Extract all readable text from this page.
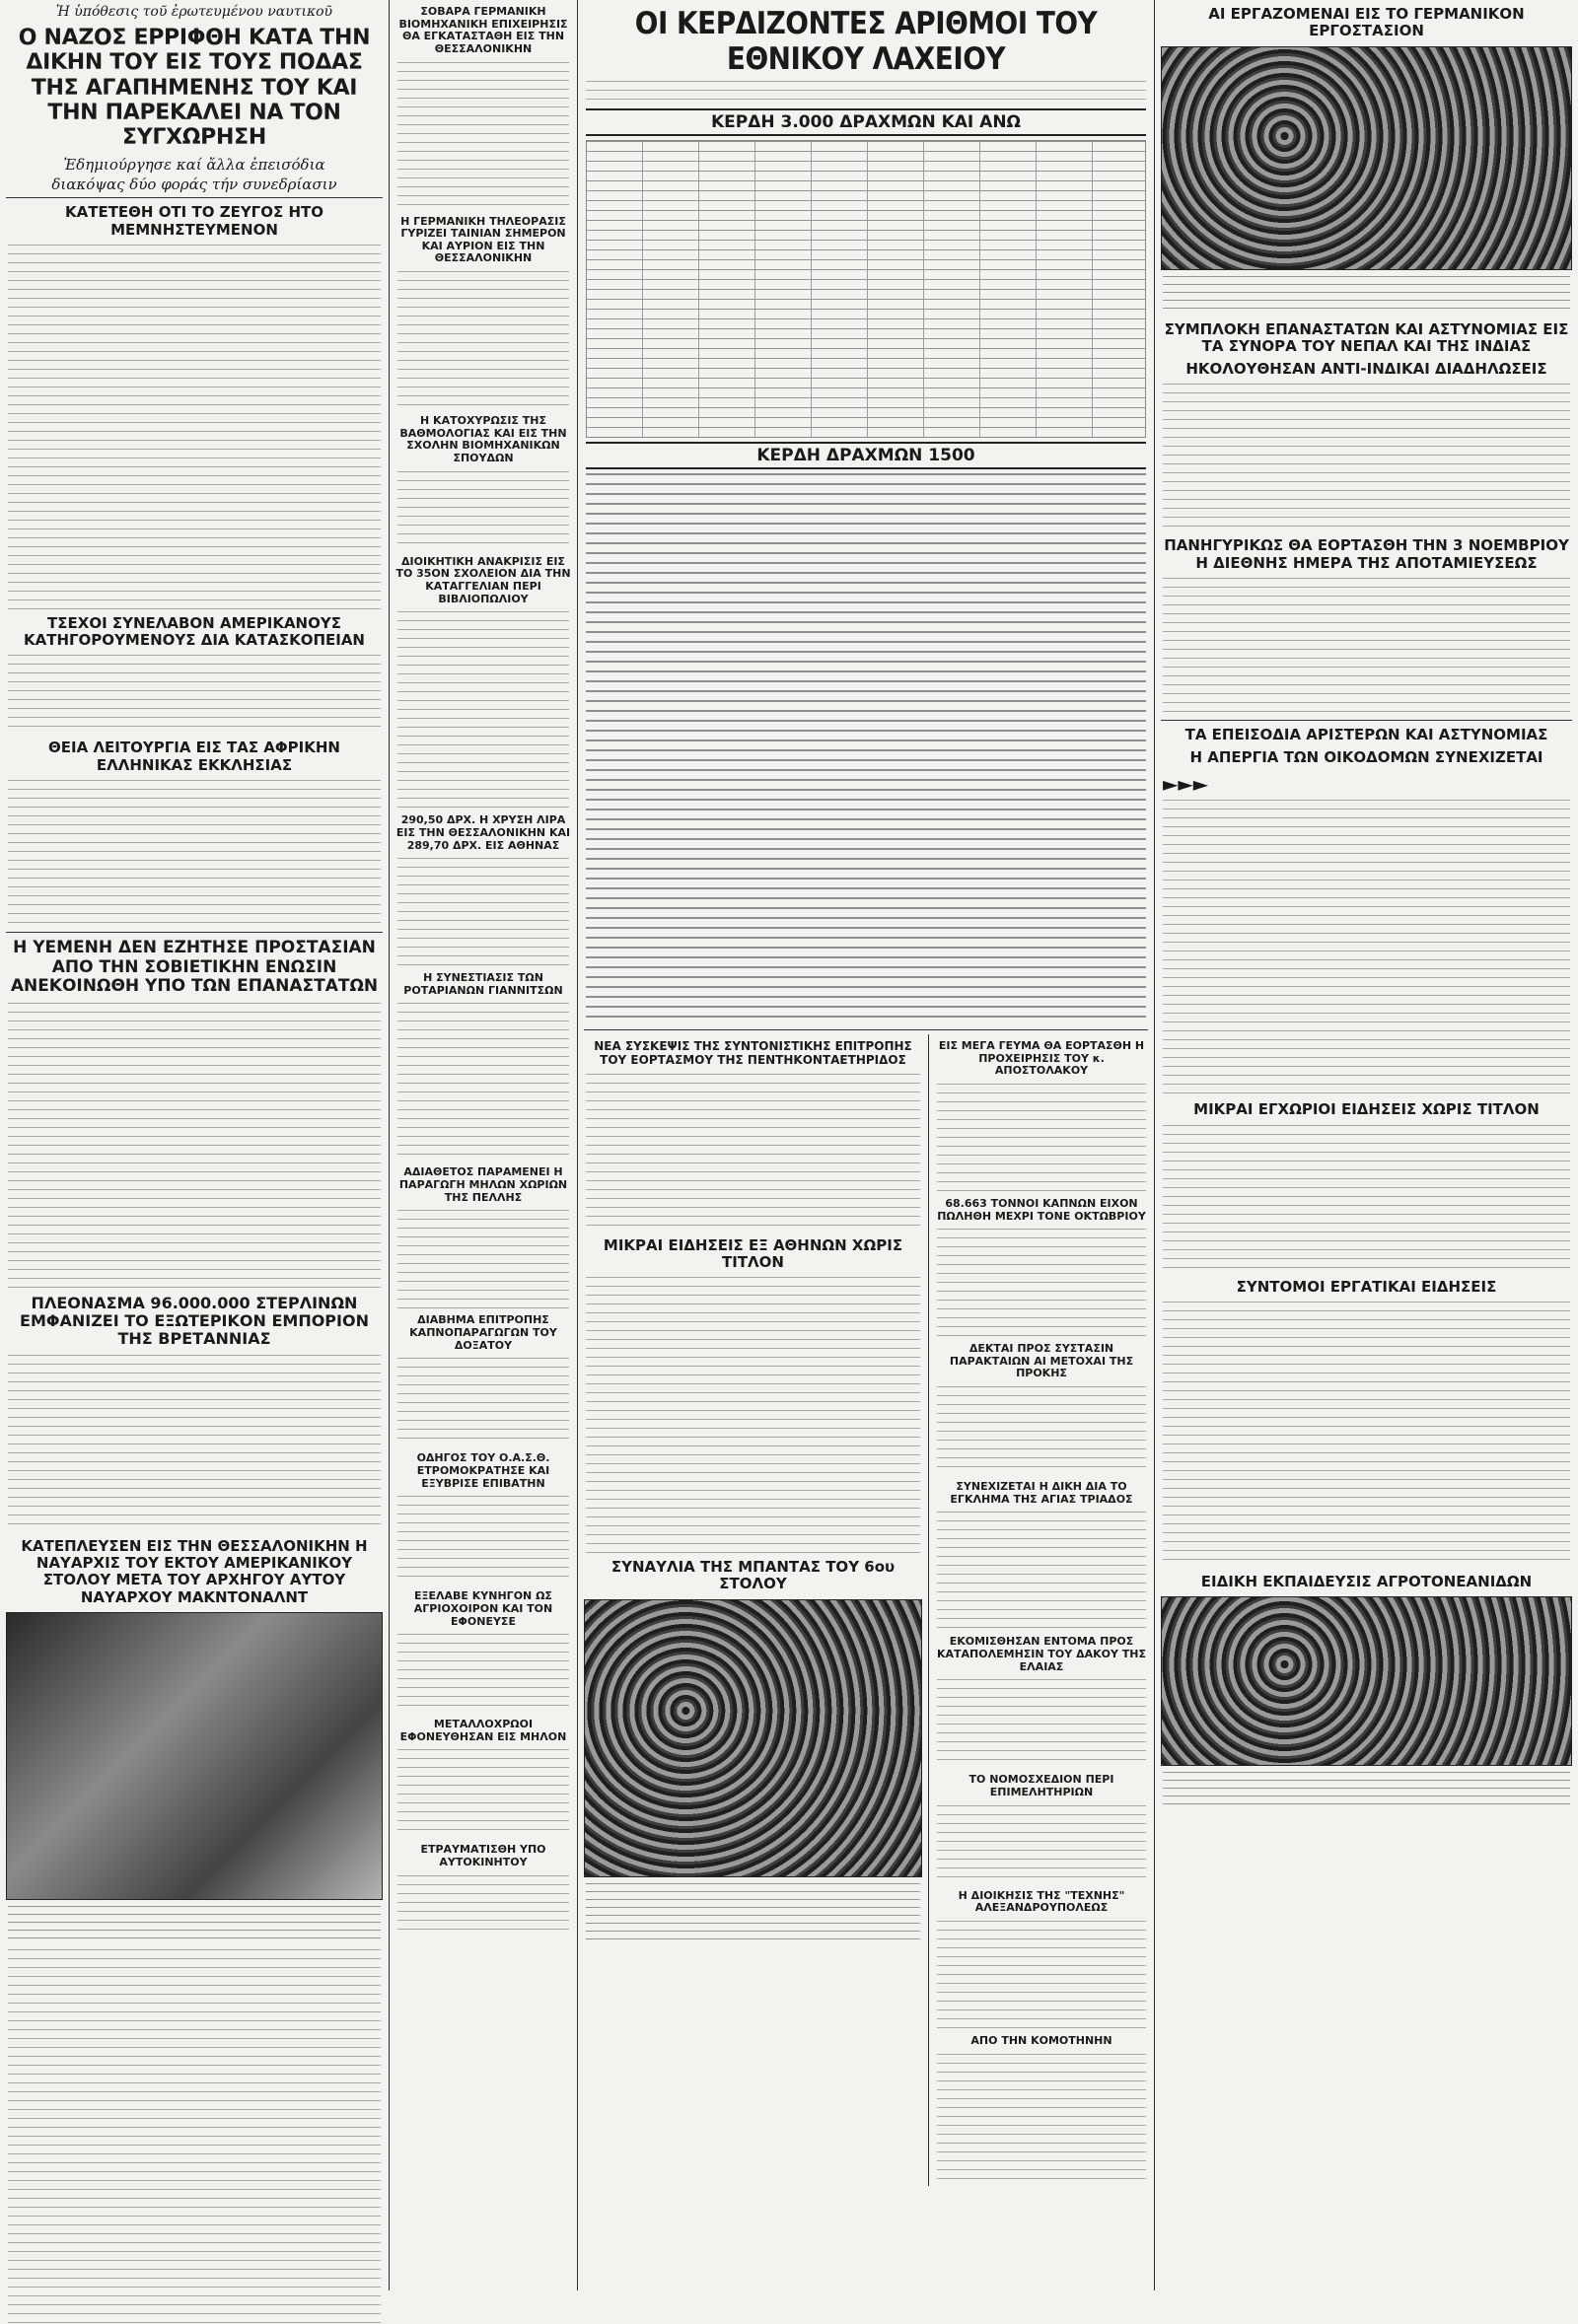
Ἡ ὑπόθεσις τοῦ ἐρωτευμένου ναυτικοῦ
Ο ΝΑΖΟΣ ΕΡΡΙΦΘΗ ΚΑΤΑ ΤΗΝ ΔΙΚΗΝ ΤΟΥ ΕΙΣ ΤΟΥΣ ΠΟΔΑΣ ΤΗΣ ΑΓΑΠΗΜΕΝΗΣ ΤΟΥ ΚΑΙ ΤΗΝ ΠΑΡΕΚΑΛΕΙ ΝΑ ΤΟΝ ΣΥΓΧΩΡΗΣΗ
Ἐδημιούργησε καί ἄλλα ἐπεισόδια
διακόψας δύο φοράς τήν συνεδρίασιν
ΚΑΤΕΤΕΘΗ ΟΤΙ ΤΟ ΖΕΥΓΟΣ ΗΤΟ ΜΕΜΝΗΣΤΕΥΜΕΝΟΝ
ΤΣΕΧΟΙ ΣΥΝΕΛΑΒΟΝ ΑΜΕΡΙΚΑΝΟΥΣ ΚΑΤΗΓΟΡΟΥΜΕΝΟΥΣ ΔΙΑ ΚΑΤΑΣΚΟΠΕΙΑΝ
ΘΕΙΑ ΛΕΙΤΟΥΡΓΙΑ ΕΙΣ ΤΑΣ ΑΦΡΙΚΗΝ ΕΛΛΗΝΙΚΑΣ ΕΚΚΛΗΣΙΑΣ
Η ΥΕΜΕΝΗ ΔΕΝ ΕΖΗΤΗΣΕ ΠΡΟΣΤΑΣΙΑΝ ΑΠΟ ΤΗΝ ΣΟΒΙΕΤΙΚΗΝ ΕΝΩΣΙΝ ΑΝΕΚΟΙΝΩΘΗ ΥΠΟ ΤΩΝ ΕΠΑΝΑΣΤΑΤΩΝ
ΠΛΕΟΝΑΣΜΑ 96.000.000 ΣΤΕΡΛΙΝΩΝ ΕΜΦΑΝΙΖΕΙ ΤΟ ΕΞΩΤΕΡΙΚΟΝ ΕΜΠΟΡΙΟΝ ΤΗΣ ΒΡΕΤΑΝΝΙΑΣ
ΚΑΤΕΠΛΕΥΣΕΝ ΕΙΣ ΤΗΝ ΘΕΣΣΑΛΟΝΙΚΗΝ Η ΝΑΥΑΡΧΙΣ ΤΟΥ ΕΚΤΟΥ ΑΜΕΡΙΚΑΝΙΚΟΥ ΣΤΟΛΟΥ ΜΕΤΑ ΤΟΥ ΑΡΧΗΓΟΥ ΑΥΤΟΥ ΝΑΥΑΡΧΟΥ ΜΑΚΝΤΟΝΑΛΝΤ
ΣΟΒΑΡΑ ΓΕΡΜΑΝΙΚΗ ΒΙΟΜΗΧΑΝΙΚΗ ΕΠΙΧΕΙΡΗΣΙΣ ΘΑ ΕΓΚΑΤΑΣΤΑΘΗ ΕΙΣ ΤΗΝ ΘΕΣΣΑΛΟΝΙΚΗΝ
Η ΓΕΡΜΑΝΙΚΗ ΤΗΛΕΟΡΑΣΙΣ ΓΥΡΙΖΕΙ ΤΑΙΝΙΑΝ ΣΗΜΕΡΟΝ ΚΑΙ ΑΥΡΙΟΝ ΕΙΣ ΤΗΝ ΘΕΣΣΑΛΟΝΙΚΗΝ
Η ΚΑΤΟΧΥΡΩΣΙΣ ΤΗΣ ΒΑΘΜΟΛΟΓΙΑΣ ΚΑΙ ΕΙΣ ΤΗΝ ΣΧΟΛΗΝ ΒΙΟΜΗΧΑΝΙΚΩΝ ΣΠΟΥΔΩΝ
ΔΙΟΙΚΗΤΙΚΗ ΑΝΑΚΡΙΣΙΣ ΕΙΣ ΤΟ 35ΟΝ ΣΧΟΛΕΙΟΝ ΔΙΑ ΤΗΝ ΚΑΤΑΓΓΕΛΙΑΝ ΠΕΡΙ ΒΙΒΛΙΟΠΩΛΙΟΥ
290,50 ΔΡΧ. Η ΧΡΥΣΗ ΛΙΡΑ ΕΙΣ ΤΗΝ ΘΕΣΣΑΛΟΝΙΚΗΝ ΚΑΙ 289,70 ΔΡΧ. ΕΙΣ ΑΘΗΝΑΣ
Η ΣΥΝΕΣΤΙΑΣΙΣ ΤΩΝ ΡΟΤΑΡΙΑΝΩΝ ΓΙΑΝΝΙΤΣΩΝ
ΑΔΙΑΘΕΤΟΣ ΠΑΡΑΜΕΝΕΙ Η ΠΑΡΑΓΩΓΗ ΜΗΛΩΝ ΧΩΡΙΩΝ ΤΗΣ ΠΕΛΛΗΣ
ΔΙΑΒΗΜΑ ΕΠΙΤΡΟΠΗΣ ΚΑΠΝΟΠΑΡΑΓΩΓΩΝ ΤΟΥ ΔΟΞΑΤΟΥ
ΟΔΗΓΟΣ ΤΟΥ Ο.Α.Σ.Θ. ΕΤΡΟΜΟΚΡΑΤΗΣΕ ΚΑΙ ΕΞΥΒΡΙΣΕ ΕΠΙΒΑΤΗΝ
ΕΞΕΛΑΒΕ ΚΥΝΗΓΟΝ ΩΣ ΑΓΡΙΟΧΟΙΡΟΝ ΚΑΙ ΤΟΝ ΕΦΟΝΕΥΣΕ
ΜΕΤΑΛΛΟΧΡΩΟΙ ΕΦΟΝΕΥΘΗΣΑΝ ΕΙΣ ΜΗΛΟΝ
ΕΤΡΑΥΜΑΤΙΣΘΗ ΥΠΟ ΑΥΤΟΚΙΝΗΤΟΥ
ΟΙ ΚΕΡΔΙΖΟΝΤΕΣ ΑΡΙΘΜΟΙ ΤΟΥ ΕΘΝΙΚΟΥ ΛΑΧΕΙΟΥ
ΚΕΡΔΗ 3.000 ΔΡΑΧΜΩΝ ΚΑΙ ΑΝΩ
ΚΕΡΔΗ ΔΡΑΧΜΩΝ 1500
ΝΕΑ ΣΥΣΚΕΨΙΣ ΤΗΣ ΣΥΝΤΟΝΙΣΤΙΚΗΣ ΕΠΙΤΡΟΠΗΣ ΤΟΥ ΕΟΡΤΑΣΜΟΥ ΤΗΣ ΠΕΝΤΗΚΟΝΤΑΕΤΗΡΙΔΟΣ
ΜΙΚΡΑΙ ΕΙΔΗΣΕΙΣ ΕΞ ΑΘΗΝΩΝ ΧΩΡΙΣ ΤΙΤΛΟΝ
ΣΥΝΑΥΛΙΑ ΤΗΣ ΜΠΑΝΤΑΣ ΤΟΥ 6ου ΣΤΟΛΟΥ
ΕΙΣ ΜΕΓΑ ΓΕΥΜΑ ΘΑ ΕΟΡΤΑΣΘΗ Η ΠΡΟΧΕΙΡΗΣΙΣ ΤΟΥ κ. ΑΠΟΣΤΟΛΑΚΟΥ
68.663 ΤΟΝΝΟΙ ΚΑΠΝΩΝ ΕΙΧΟΝ ΠΩΛΗΘΗ ΜΕΧΡΙ ΤΟΝΕ ΟΚΤΩΒΡΙΟΥ
ΔΕΚΤΑΙ ΠΡΟΣ ΣΥΣΤΑΣΙΝ ΠΑΡΑΚΤΑΙΩΝ ΑΙ ΜΕΤΟΧΑΙ ΤΗΣ ΠΡΟΚΗΣ
ΣΥΝΕΧΙΖΕΤΑΙ Η ΔΙΚΗ ΔΙΑ ΤΟ ΕΓΚΛΗΜΑ ΤΗΣ ΑΓΙΑΣ ΤΡΙΑΔΟΣ
ΕΚΟΜΙΣΘΗΣΑΝ ΕΝΤΟΜΑ ΠΡΟΣ ΚΑΤΑΠΟΛΕΜΗΣΙΝ ΤΟΥ ΔΑΚΟΥ ΤΗΣ ΕΛΑΙΑΣ
ΤΟ ΝΟΜΟΣΧΕΔΙΟΝ ΠΕΡΙ ΕΠΙΜΕΛΗΤΗΡΙΩΝ
Η ΔΙΟΙΚΗΣΙΣ ΤΗΣ "ΤΕΧΝΗΣ" ΑΛΕΞΑΝΔΡΟΥΠΟΛΕΩΣ
ΑΠΟ ΤΗΝ ΚΟΜΟΤΗΝΗΝ
ΑΙ ΕΡΓΑΖΟΜΕΝΑΙ ΕΙΣ ΤΟ ΓΕΡΜΑΝΙΚΟΝ ΕΡΓΟΣΤΑΣΙΟΝ
ΣΥΜΠΛΟΚΗ ΕΠΑΝΑΣΤΑΤΩΝ ΚΑΙ ΑΣΤΥΝΟΜΙΑΣ ΕΙΣ ΤΑ ΣΥΝΟΡΑ ΤΟΥ ΝΕΠΑΛ ΚΑΙ ΤΗΣ ΙΝΔΙΑΣ
ΗΚΟΛΟΥΘΗΣΑΝ ΑΝΤΙ-ΙΝΔΙΚΑΙ ΔΙΑΔΗΛΩΣΕΙΣ
ΠΑΝΗΓΥΡΙΚΩΣ ΘΑ ΕΟΡΤΑΣΘΗ ΤΗΝ 3 ΝΟΕΜΒΡΙΟΥ Η ΔΙΕΘΝΗΣ ΗΜΕΡΑ ΤΗΣ ΑΠΟΤΑΜΙΕΥΣΕΩΣ
ΤΑ ΕΠΕΙΣΟΔΙΑ ΑΡΙΣΤΕΡΩΝ ΚΑΙ ΑΣΤΥΝΟΜΙΑΣ
Η ΑΠΕΡΓΙΑ ΤΩΝ ΟΙΚΟΔΟΜΩΝ ΣΥΝΕΧΙΖΕΤΑΙ
►►►
ΜΙΚΡΑΙ ΕΓΧΩΡΙΟΙ ΕΙΔΗΣΕΙΣ ΧΩΡΙΣ ΤΙΤΛΟΝ
ΣΥΝΤΟΜΟΙ ΕΡΓΑΤΙΚΑΙ ΕΙΔΗΣΕΙΣ
ΕΙΔΙΚΗ ΕΚΠΑΙΔΕΥΣΙΣ ΑΓΡΟΤΟΝΕΑΝΙΔΩΝ
